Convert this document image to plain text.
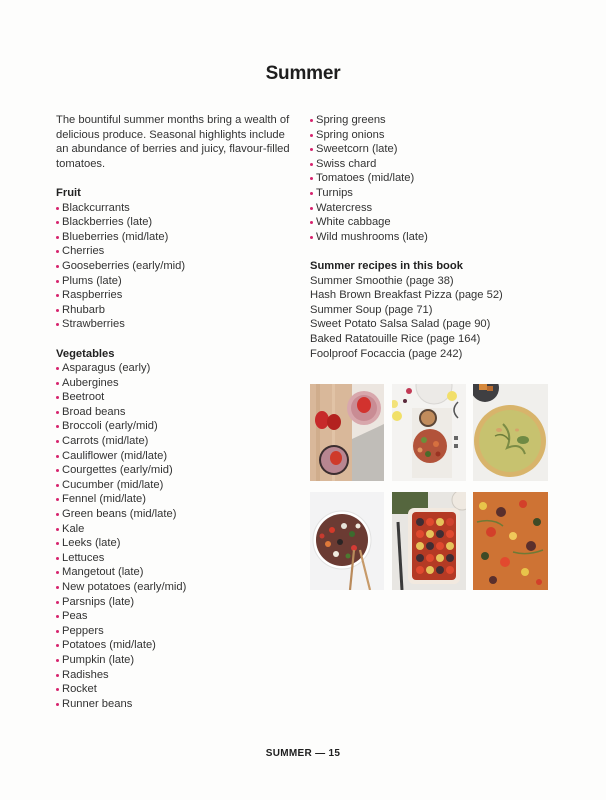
Summer

The bountiful summer months bring a wealth of delicious produce. Seasonal highlights include an abundance of berries and juicy, flavour-filled tomatoes.

Fruit
Blackcurrants
Blackberries (late)
Blueberries (mid/late)
Cherries
Gooseberries (early/mid)
Plums (late)
Raspberries
Rhubarb
Strawberries
Vegetables
Asparagus (early)
Aubergines
Beetroot
Broad beans
Broccoli (early/mid)
Carrots (mid/late)
Cauliflower (mid/late)
Courgettes (early/mid)
Cucumber (mid/late)
Fennel (mid/late)
Green beans (mid/late)
Kale
Leeks (late)
Lettuces
Mangetout (late)
New potatoes (early/mid)
Parsnips (late)
Peas
Peppers
Potatoes (mid/late)
Pumpkin (late)
Radishes
Rocket
Runner beans
Spring greens
Spring onions
Sweetcorn (late)
Swiss chard
Tomatoes (mid/late)
Turnips
Watercress
White cabbage
Wild mushrooms (late)
Summer recipes in this book
Summer Smoothie (page 38)
Hash Brown Breakfast Pizza (page 52)
Summer Soup (page 71)
Sweet Potato Salsa Salad (page 90)
Baked Ratatouille Rice (page 164)
Foolproof Focaccia (page 242)
SUMMER — 15
